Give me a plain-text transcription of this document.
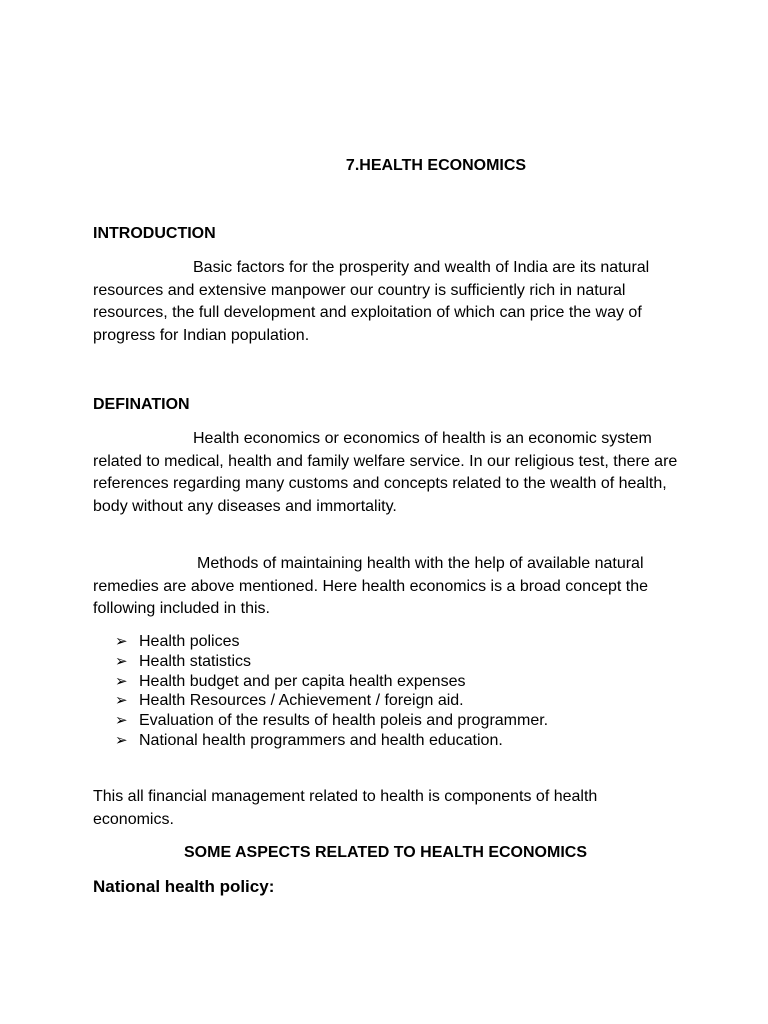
7.HEALTH ECONOMICS
INTRODUCTION

Basic factors for the prosperity and wealth of India are its natural resources and extensive manpower our country is sufficiently rich in natural resources, the full development and exploitation of which can price the way of progress for Indian population.

DEFINATION

Health economics or economics of health is an economic system related to medical, health and family welfare service. In our religious test, there are references regarding many customs and concepts related to the wealth of health, body without any diseases and immortality.

Methods of maintaining health with the help of available natural remedies are above mentioned. Here health economics is a broad concept the following included in this.

➢ Health polices
➢ Health statistics
➢ Health budget and per capita health expenses
➢ Health Resources / Achievement / foreign aid.
➢ Evaluation of the results of health poleis and programmer.
➢ National health programmers and health education.

This all financial management related to health is components of health economics.

SOME ASPECTS RELATED TO HEALTH ECONOMICS
National health policy:
